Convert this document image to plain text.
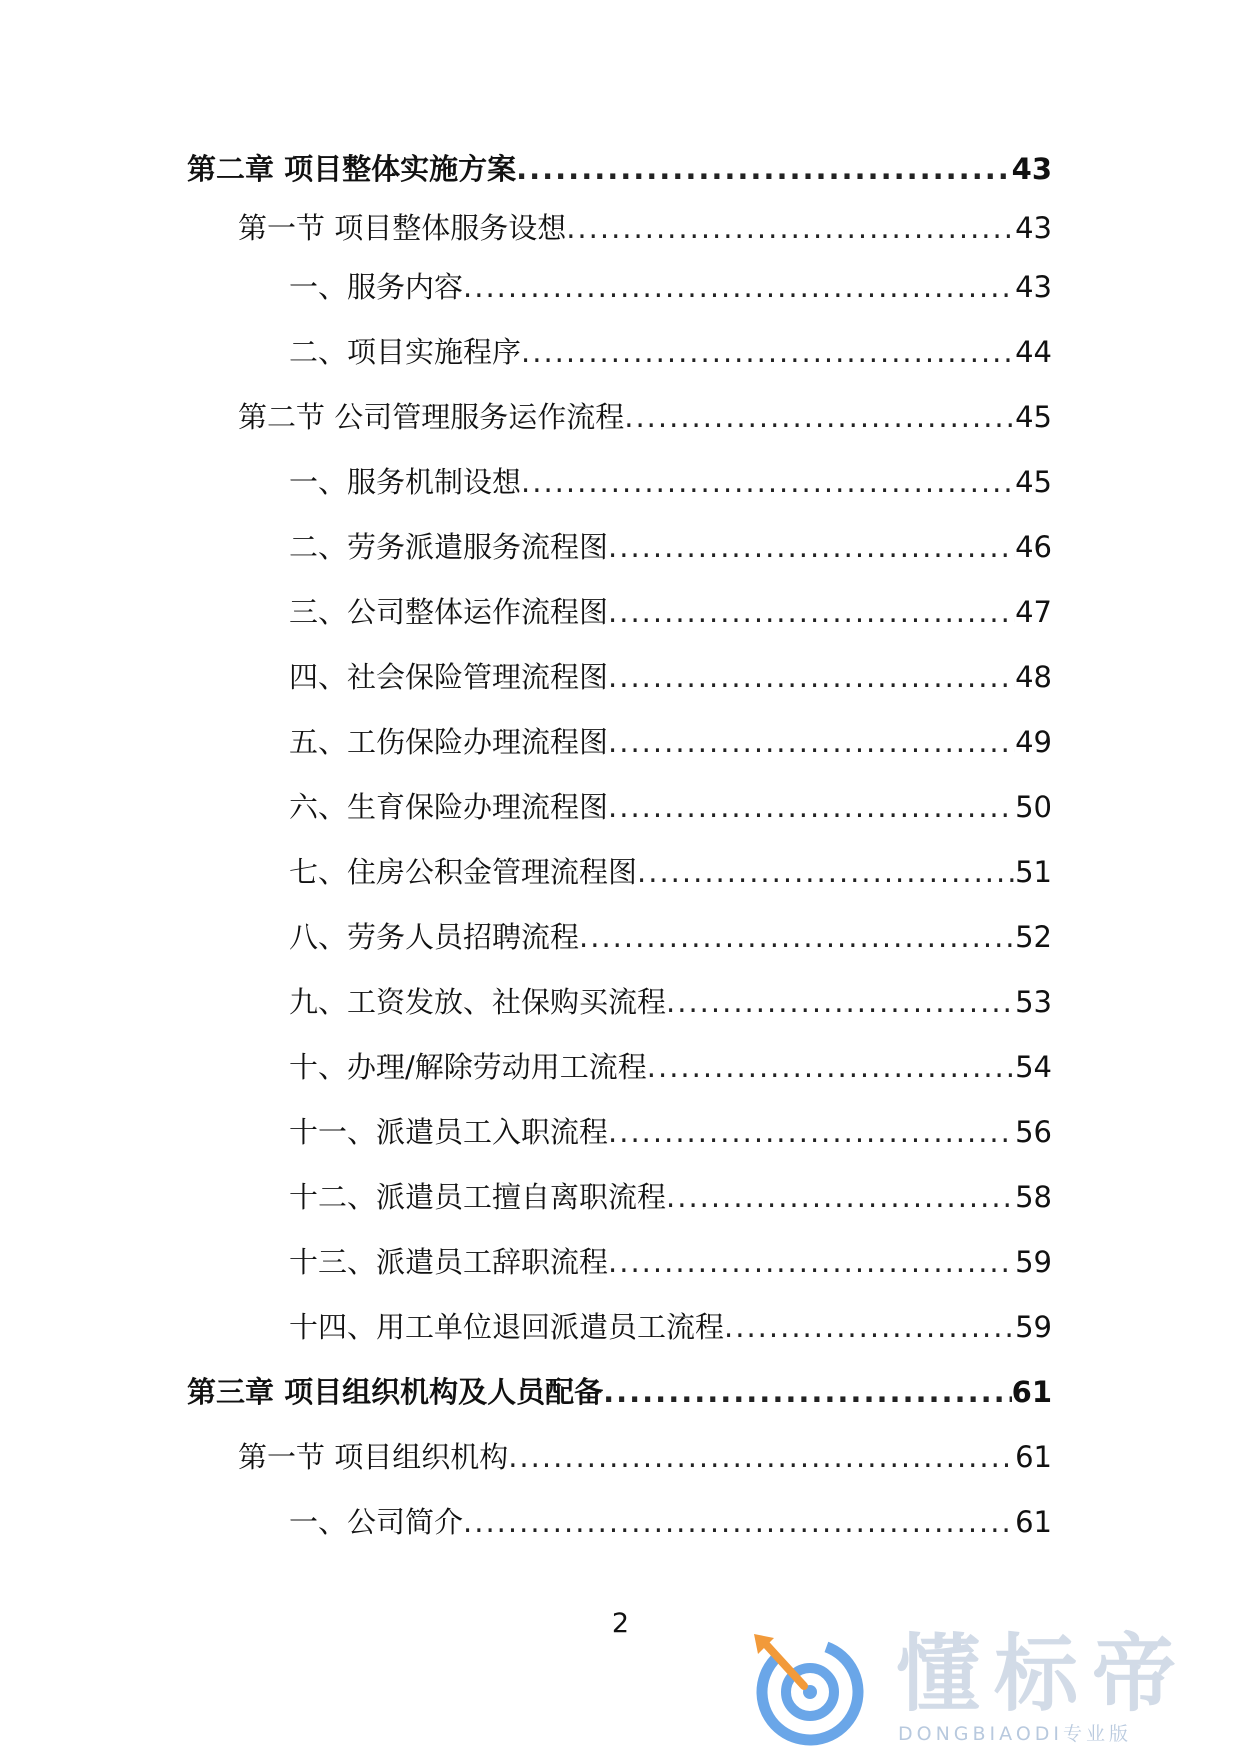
第二章 项目整体实施方案 .....	43
第一节 项目整体服务设想 .....	43
一、服务内容 .....	43
二、项目实施程序 .....	44
第二节 公司管理服务运作流程 .....	45
一、服务机制设想 .....	45
二、劳务派遣服务流程图 .....	46
三、公司整体运作流程图 .....	47
四、社会保险管理流程图 .....	48
五、工伤保险办理流程图 .....	49
六、生育保险办理流程图 .....	50
七、住房公积金管理流程图 .....	51
八、劳务人员招聘流程 .....	52
九、工资发放、社保购买流程 .....	53
十、办理/解除劳动用工流程 .....	54
十一、派遣员工入职流程 .....	56
十二、派遣员工擅自离职流程 .....	58
十三、派遣员工辞职流程 .....	59
十四、用工单位退回派遣员工流程 .....	59
第三章 项目组织机构及人员配备 .....	61
第一节 项目组织机构 .....	61
一、公司简介 .....	61
2
懂标帝
DONGBIAODI专业版
